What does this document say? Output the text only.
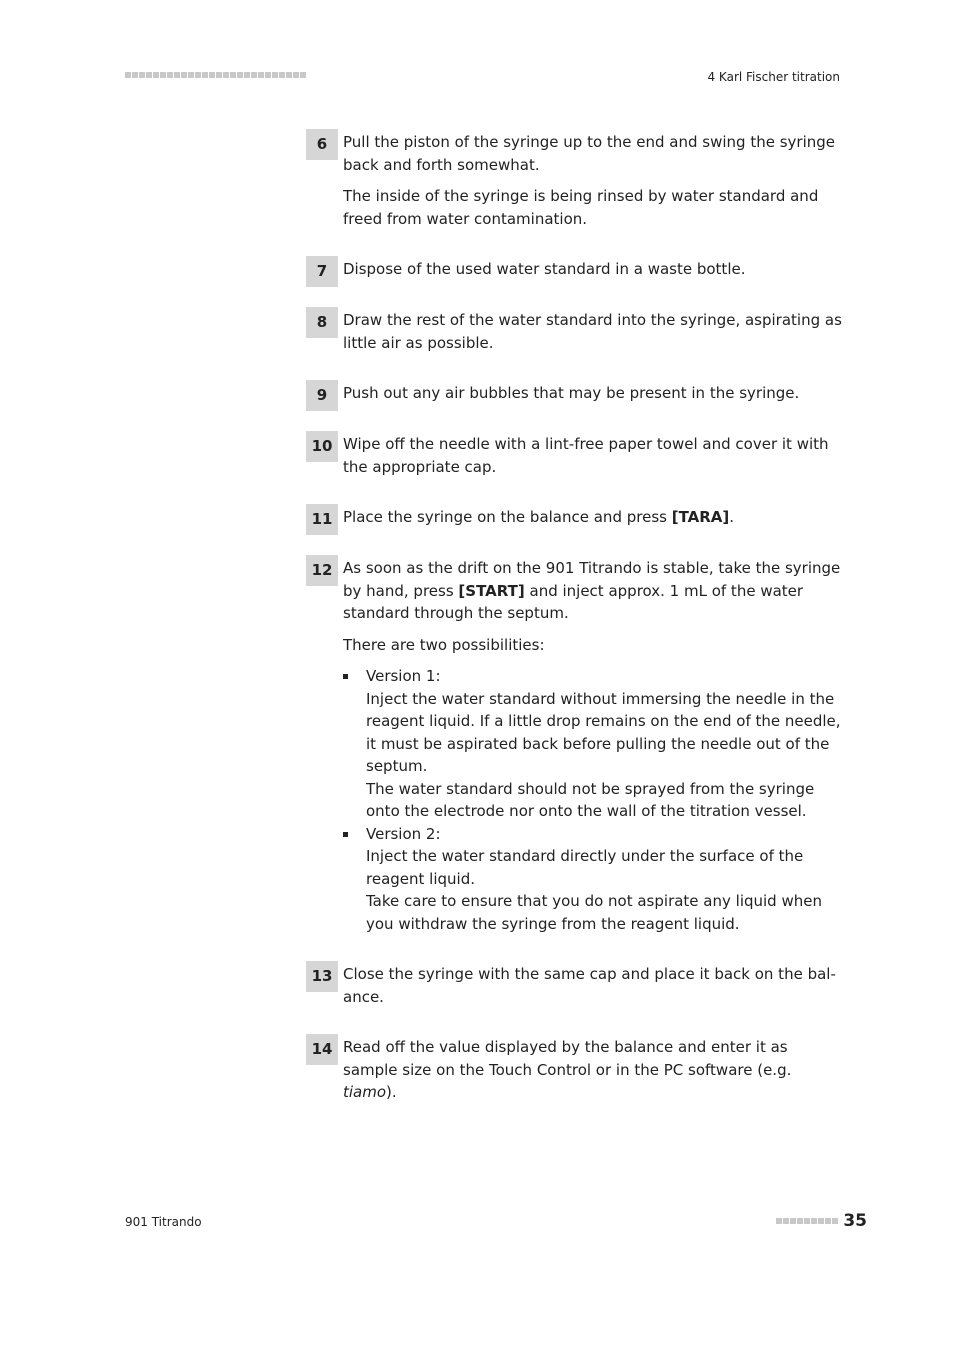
4 Karl Fischer titration
6	Pull the piston of the syringe up to the end and swing the syringe back and forth somewhat.

The inside of the syringe is being rinsed by water standard and freed from water contamination.

7	Dispose of the used water standard in a waste bottle.

8	Draw the rest of the water standard into the syringe, aspirating as little air as possible.

9	Push out any air bubbles that may be present in the syringe.

10 Wipe off the needle with a lint-free paper towel and cover it with the appropriate cap.

11 Place the syringe on the balance and press [TARA].

12 As soon as the drift on the 901 Titrando is stable, take the syringe by hand, press [START] and inject approx. 1 mL of the water standard through the septum.

There are two possibilities:

Version 1:
Inject the water standard without immersing the needle in the reagent liquid. If a little drop remains on the end of the needle, it must be aspirated back before pulling the needle out of the septum.
The water standard should not be sprayed from the syringe onto the electrode nor onto the wall of the titration vessel.
Version 2:
Inject the water standard directly under the surface of the reagent liquid.
Take care to ensure that you do not aspirate any liquid when you withdraw the syringe from the reagent liquid.
13 Close the syringe with the same cap and place it back on the balance.

14 Read off the value displayed by the balance and enter it as sample size on the Touch Control or in the PC software (e.g. tiamo).

901 Titrando	35
